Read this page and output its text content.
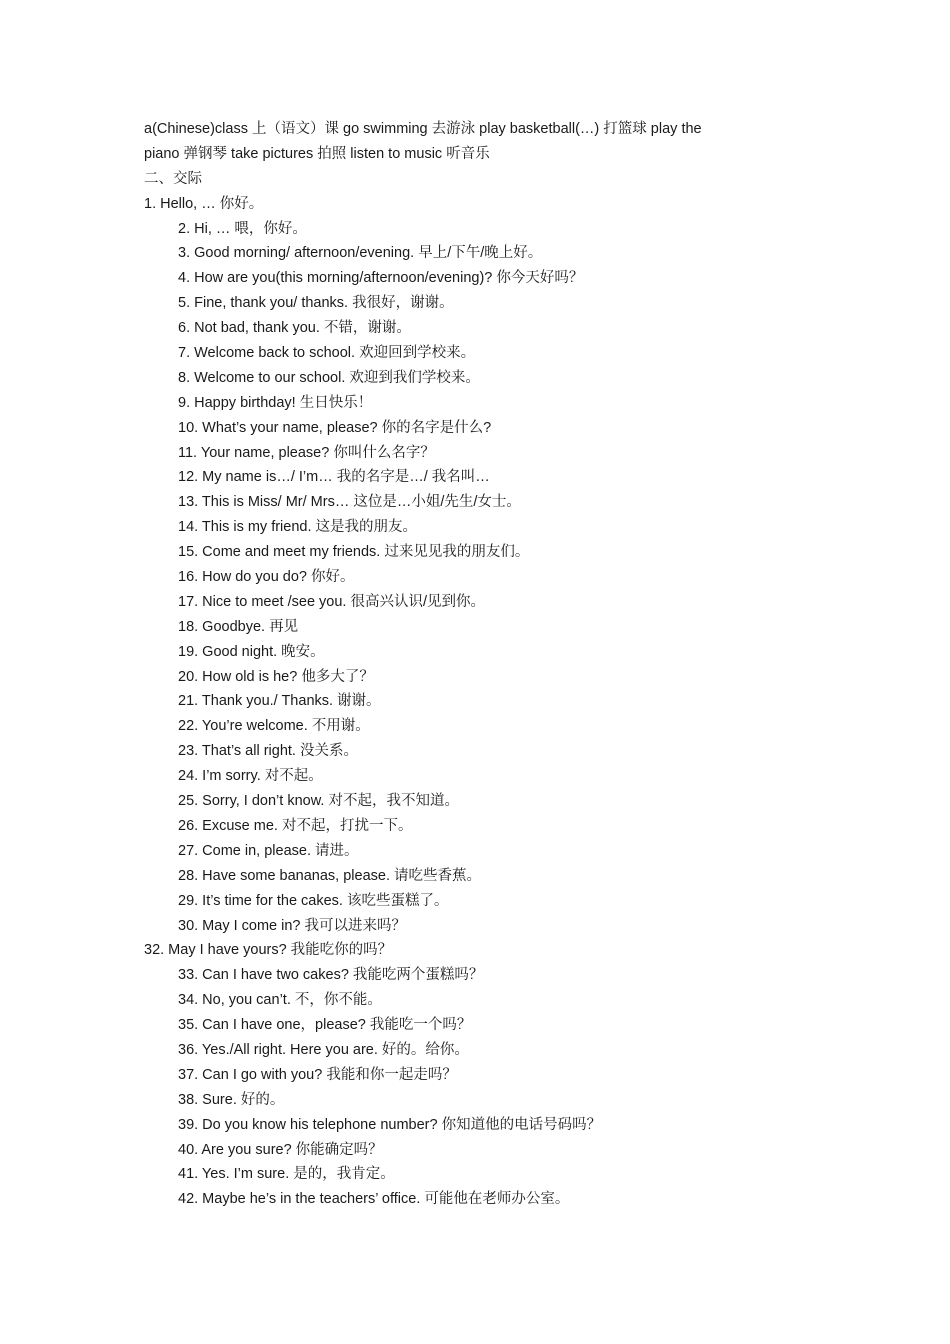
a(Chinese)class 上（语文）课 go swimming 去游泳 play basketball(…) 打篮球 play the
piano 弹钢琴 take pictures 拍照 listen to music 听音乐
二、交际
1. Hello, … 你好。
2. Hi, … 喂，你好。
3. Good morning/ afternoon/evening. 早上/下午/晚上好。
4. How are you(this morning/afternoon/evening)? 你今天好吗？
5. Fine, thank you/ thanks. 我很好，谢谢。
6. Not bad, thank you. 不错，谢谢。
7. Welcome back to school. 欢迎回到学校来。
8. Welcome to our school. 欢迎到我们学校来。
9. Happy birthday! 生日快乐！
10. What’s your name, please? 你的名字是什么?
11. Your name, please? 你叫什么名字？
12. My name is…/ I’m… 我的名字是…/ 我名叫…
13. This is Miss/ Mr/ Mrs… 这位是…小姐/先生/女士。
14. This is my friend. 这是我的朋友。
15. Come and meet my friends. 过来见见我的朋友们。
16. How do you do? 你好。
17. Nice to meet /see you. 很高兴认识/见到你。
18. Goodbye. 再见
19. Good night. 晚安。
20. How old is he? 他多大了？
21. Thank you./ Thanks. 谢谢。
22. You’re welcome. 不用谢。
23. That’s all right. 没关系。
24. I’m sorry. 对不起。
25. Sorry, I don’t know. 对不起，我不知道。
26. Excuse me. 对不起，打扰一下。
27. Come in, please. 请进。
28. Have some bananas, please. 请吃些香蕉。
29. It’s time for the cakes. 该吃些蛋糕了。
30. May I come in? 我可以进来吗？
32. May I have yours? 我能吃你的吗？
33. Can I have two cakes? 我能吃两个蛋糕吗？
34. No, you can’t. 不，你不能。
35. Can I have one，please? 我能吃一个吗？
36. Yes./All right. Here you are. 好的。给你。
37. Can I go with you? 我能和你一起走吗？
38. Sure. 好的。
39. Do you know his telephone number? 你知道他的电话号码吗？
40. Are you sure? 你能确定吗？
41. Yes. I’m sure. 是的，我肯定。
42. Maybe he’s in the teachers’ office. 可能他在老师办公室。
